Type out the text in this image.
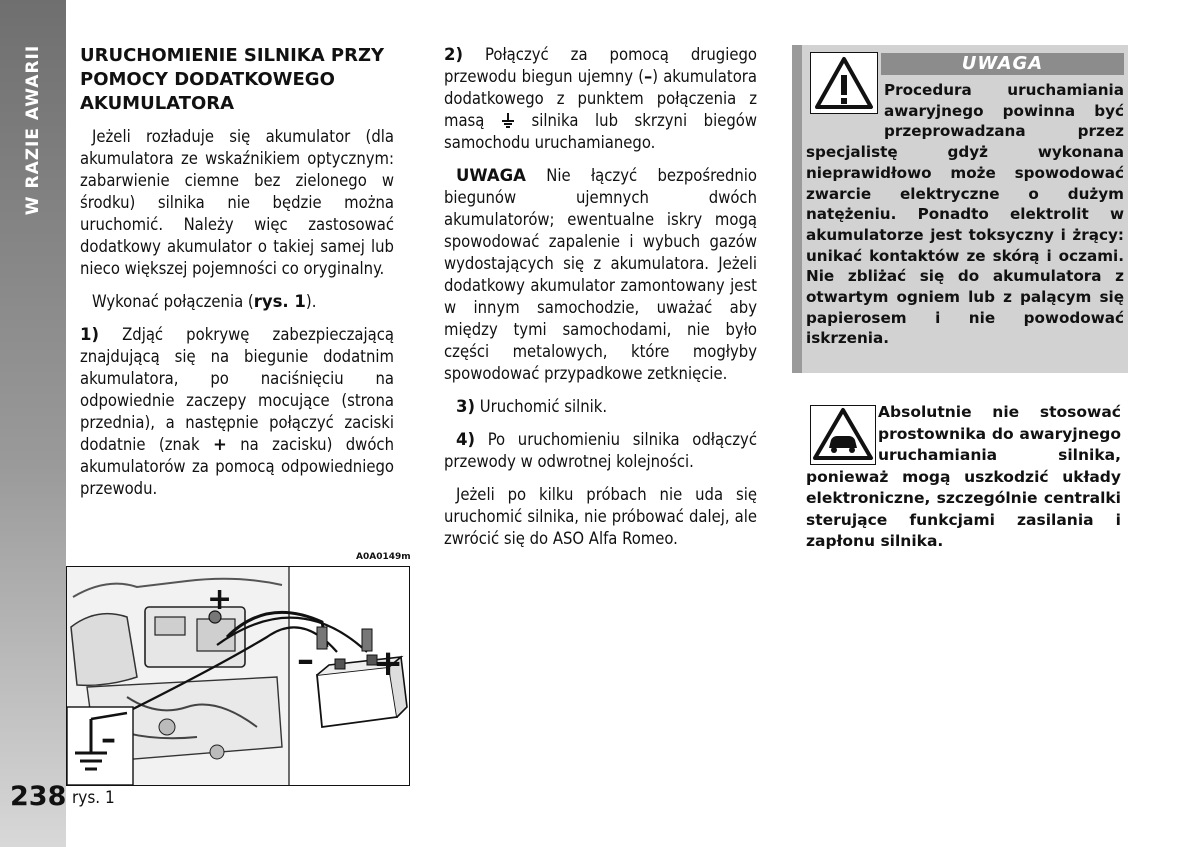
W RAZIE AWARII
238
URUCHOMIENIE SILNIKA PRZY POMOCY DODATKOWEGO AKUMULATORA

Jeżeli rozładuje się akumulator (dla akumulatora ze wskaźnikiem optycznym: zabarwienie ciemne bez zielonego w środku) silnika nie będzie można uruchomić. Należy więc zastosować dodatkowy akumulator o takiej samej lub nieco większej pojemności co oryginalny.

Wykonać połączenia (rys. 1).

1) Zdjąć pokrywę zabezpieczającą znajdującą się na biegunie dodatnim akumulatora, po naciśnięciu na odpowiednie zaczepy mocujące (strona przednia), a następnie połączyć zaciski dodatnie (znak + na zacisku) dwóch akumulatorów za pomocą odpowiedniego przewodu.

A0A0149m
+
– +
–
rys. 1

2) Połączyć za pomocą drugiego przewodu biegun ujemny (–) akumulatora dodatkowego z punktem połączenia z masą  silnika lub skrzyni biegów samochodu uruchamianego.

UWAGA Nie łączyć bezpośrednio biegunów ujemnych dwóch akumulatorów; ewentualne iskry mogą spowodować zapalenie i wybuch gazów wydostających się z akumulatora. Jeżeli dodatkowy akumulator zamontowany jest w innym samochodzie, uważać aby między tymi samochodami, nie było części metalowych, które mogłyby spowodować przypadkowe zetknięcie.

3) Uruchomić silnik.

4) Po uruchomieniu silnika odłączyć przewody w odwrotnej kolejności.

Jeżeli po kilku próbach nie uda się uruchomić silnika, nie próbować dalej, ale zwrócić się do ASO Alfa Romeo.

UWAGA
Procedura uruchamiania awaryjnego powinna być przeprowadzana przez specjalistę gdyż wykonana nieprawidłowo może spowodować zwarcie elektryczne o dużym natężeniu. Ponadto elektrolit w akumulatorze jest toksyczny i żrący: unikać kontaktów ze skórą i oczami. Nie zbliżać się do akumulatora z otwartym ogniem lub z palącym się papierosem i nie powodować iskrzenia.
Absolutnie nie stosować prostownika do awaryjnego uruchamiania silnika, ponieważ mogą uszkodzić układy elektroniczne, szczególnie centralki sterujące funkcjami zasilania i zapłonu silnika.
